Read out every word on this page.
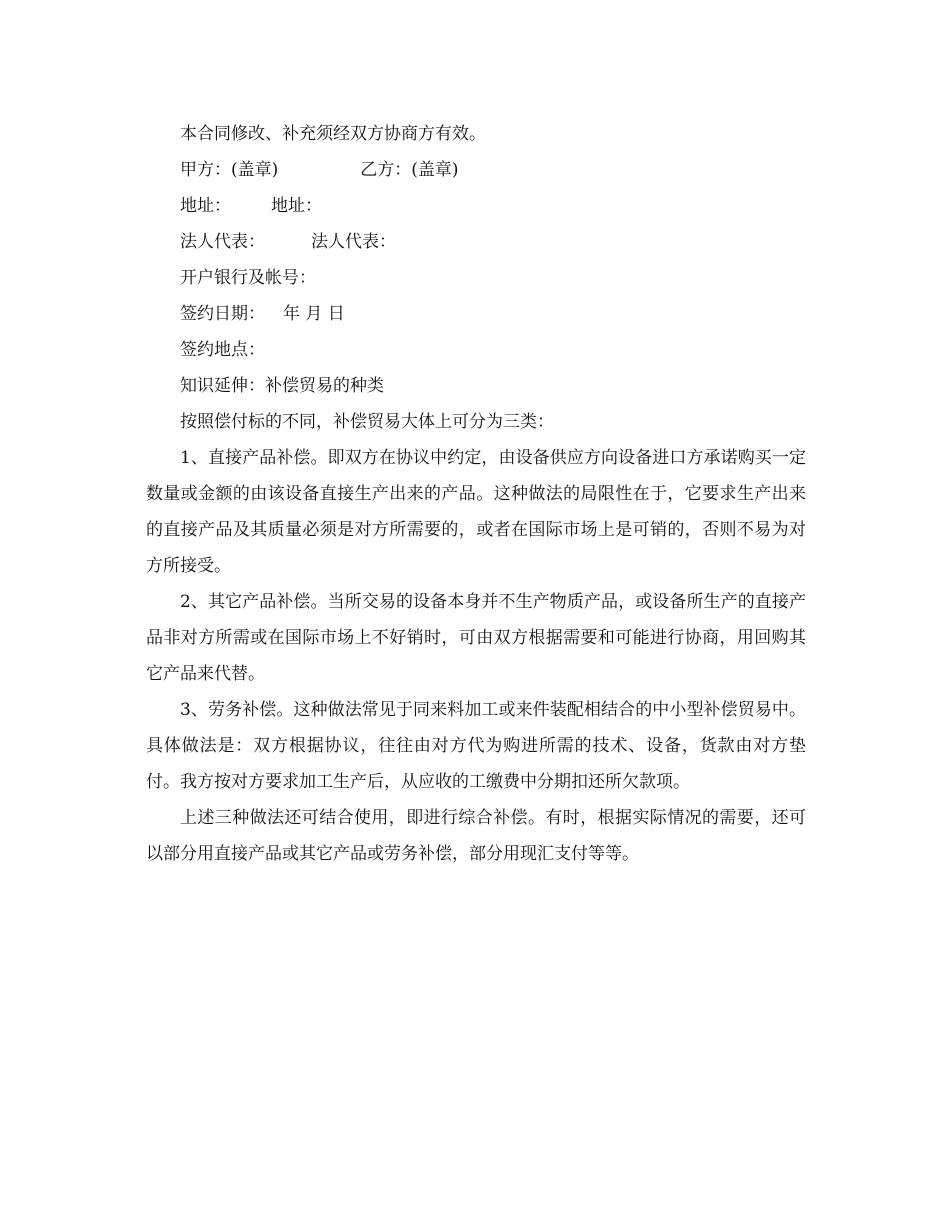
本合同修改、补充须经双方协商方有效。

甲方：(盖章)	乙方：(盖章)

地址： 地址：

法人代表：	法人代表：

开户银行及帐号：

签约日期： 年 月 日

签约地点：

知识延伸：补偿贸易的种类

按照偿付标的不同，补偿贸易大体上可分为三类：

1、直接产品补偿。即双方在协议中约定，由设备供应方向设备进口方承诺购买一定数量或金额的由该设备直接生产出来的产品。这种做法的局限性在于，它要求生产出来的直接产品及其质量必须是对方所需要的，或者在国际市场上是可销的，否则不易为对方所接受。

2、其它产品补偿。当所交易的设备本身并不生产物质产品，或设备所生产的直接产品非对方所需或在国际市场上不好销时，可由双方根据需要和可能进行协商，用回购其它产品来代替。

3、劳务补偿。这种做法常见于同来料加工或来件装配相结合的中小型补偿贸易中。具体做法是：双方根据协议，往往由对方代为购进所需的技术、设备，货款由对方垫付。我方按对方要求加工生产后，从应收的工缴费中分期扣还所欠款项。

上述三种做法还可结合使用，即进行综合补偿。有时，根据实际情况的需要，还可以部分用直接产品或其它产品或劳务补偿，部分用现汇支付等等。
